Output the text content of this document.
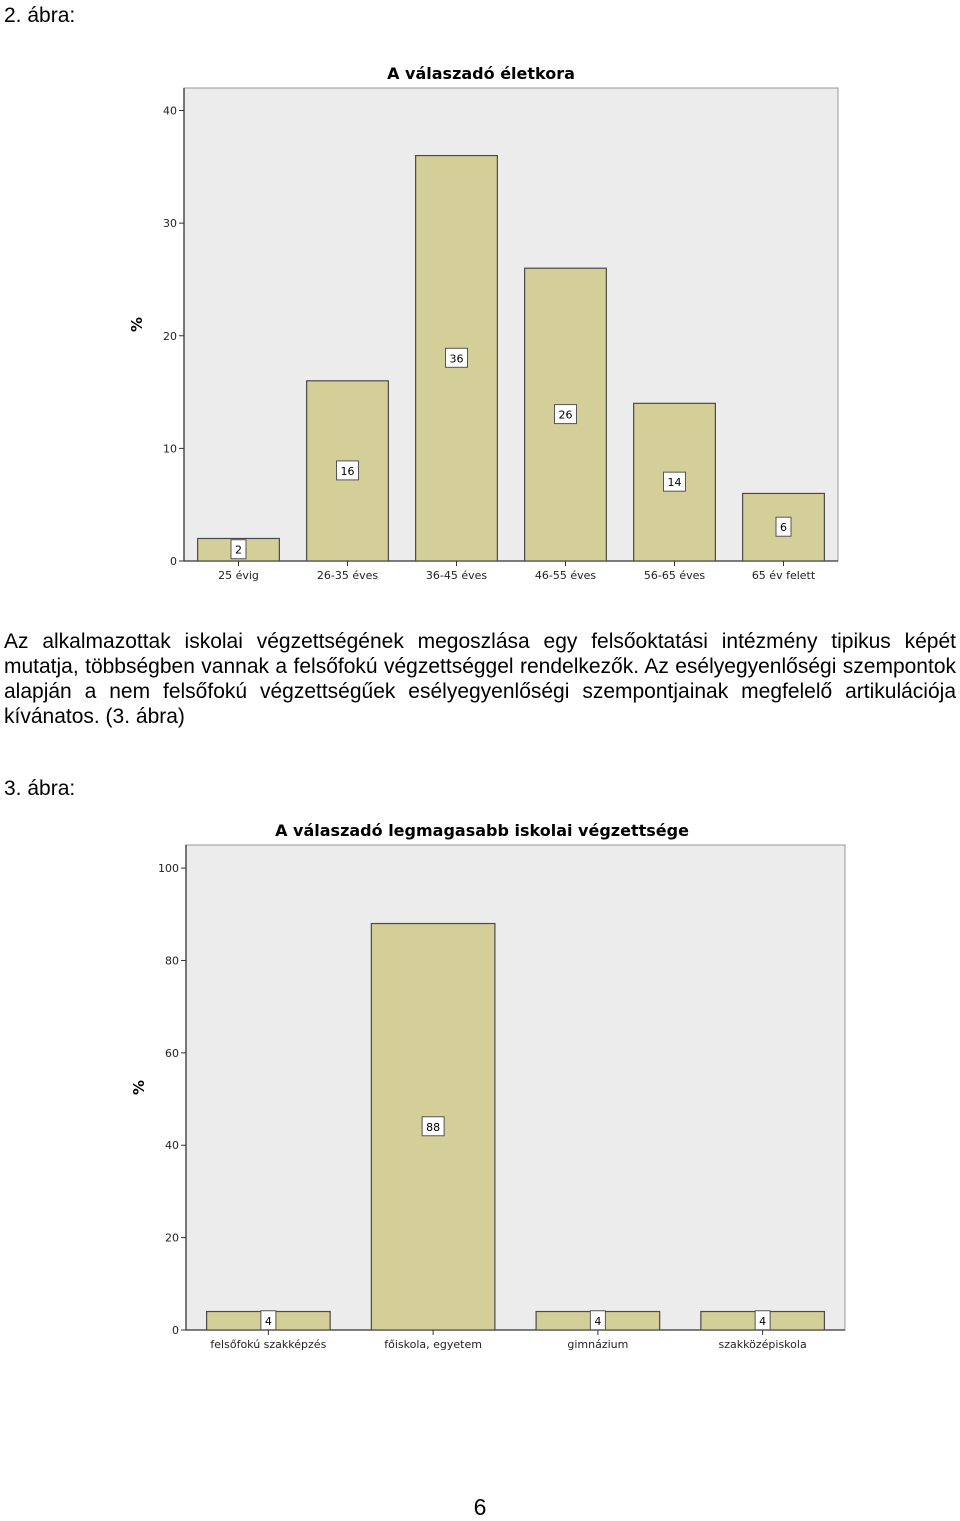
2. ábra:
A válaszadó életkora
0
10
20
30
40
%
25 évig
2
26-35 éves
16
36-45 éves
36
46-55 éves
26
56-65 éves
14
65 év felett
6
Az alkalmazottak iskolai végzettségének megoszlása egy felsőoktatási intézmény tipikus képét mutatja, többségben vannak a felsőfokú végzettséggel rendelkezők. Az esélyegyenlőségi szempontok alapján a nem felsőfokú végzettségűek esélyegyenlőségi szempontjainak megfelelő artikulációja kívánatos. (3. ábra)
3. ábra:
A válaszadó legmagasabb iskolai végzettsége
0
20
40
60
80
100
%
felsőfokú szakképzés
4
főiskola, egyetem
88
gimnázium
4
szakközépiskola
4
6
